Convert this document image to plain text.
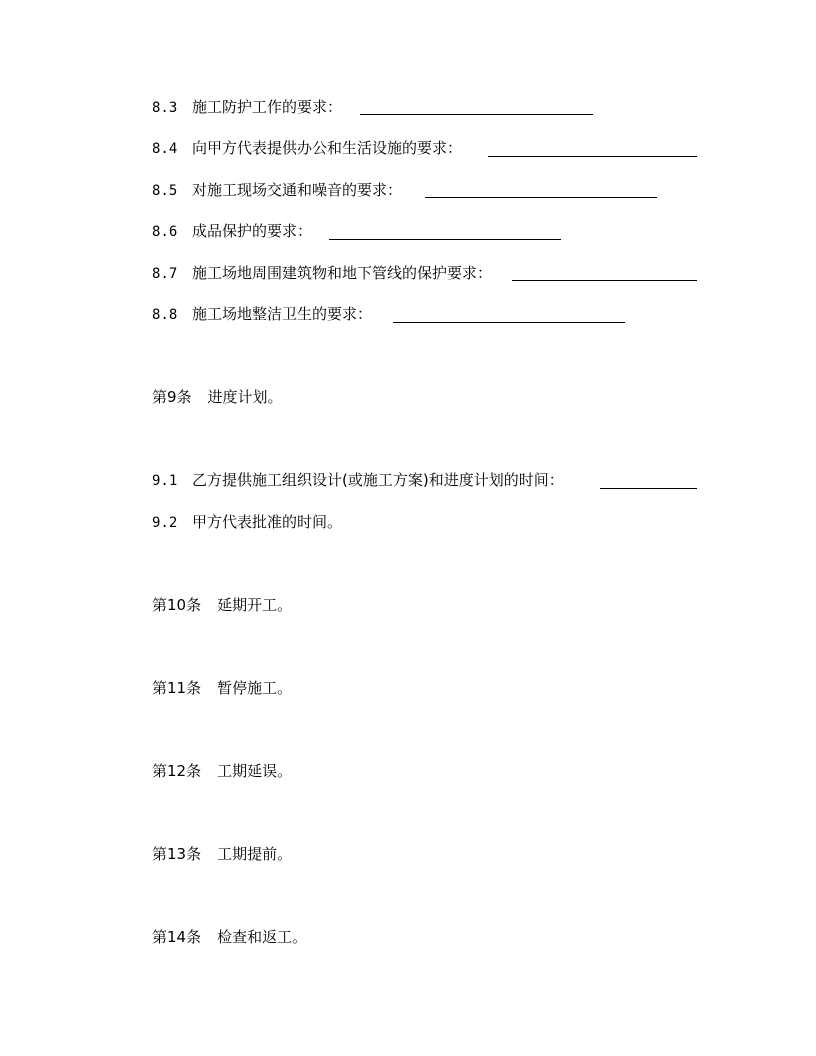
8.3 施工防护工作的要求：
8.4 向甲方代表提供办公和生活设施的要求：
8.5 对施工现场交通和噪音的要求：
8.6 成品保护的要求：
8.7 施工场地周围建筑物和地下管线的保护要求：
8.8 施工场地整洁卫生的要求：
第9条 进度计划。
9.1 乙方提供施工组织设计(或施工方案)和进度计划的时间：
9.2 甲方代表批准的时间。
第10条 延期开工。
第11条 暂停施工。
第12条 工期延误。
第13条 工期提前。
第14条 检查和返工。
